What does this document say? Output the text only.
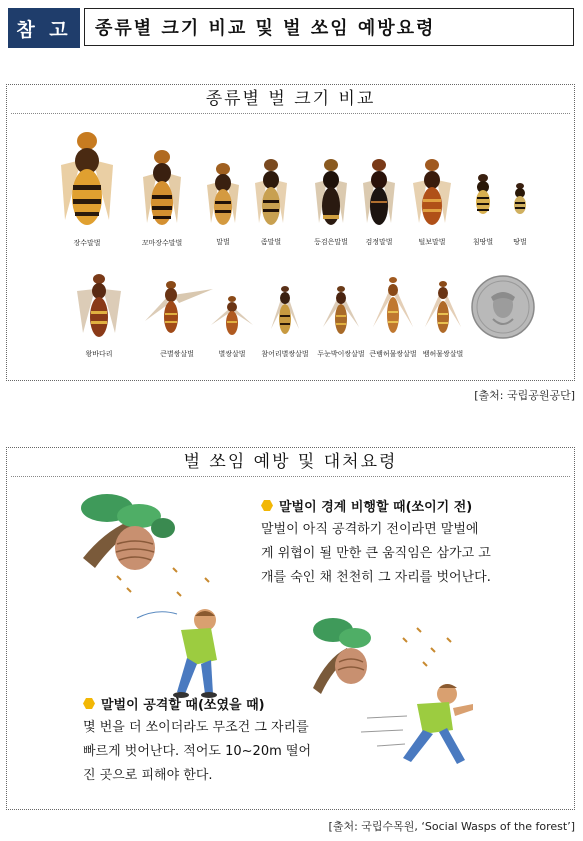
참 고	종류별 크기 비교 및 벌 쏘임 예방요령
종류별 벌 크기 비교
장수말벌	꼬마장수말벌	말벌	좀말벌	등검은말벌	검정말벌	털보말벌	침땅벌	땅벌
왕바다리	큰별쌍살벌	별쌍살벌	참어리별쌍살벌	두눈박이쌍살벌 큰뱀허물쌍살벌 뱀허물쌍살벌
[출처: 국립공원공단]
벌 쏘임 예방 및 대처요령
말벌이 경계 비행할 때(쏘이기 전)
말벌이 아직 공격하기 전이라면 말벌에
게 위협이 될 만한 큰 움직임은 삼가고 고
개를 숙인 채 천천히 그 자리를 벗어난다.
말벌이 공격할 때(쏘였을 때)
몇 번을 더 쏘이더라도 무조건 그 자리를
빠르게 벗어난다. 적어도 10~20m 떨어
진 곳으로 피해야 한다.
[출처: 국립수목원, ‘Social Wasps of the forest’]
